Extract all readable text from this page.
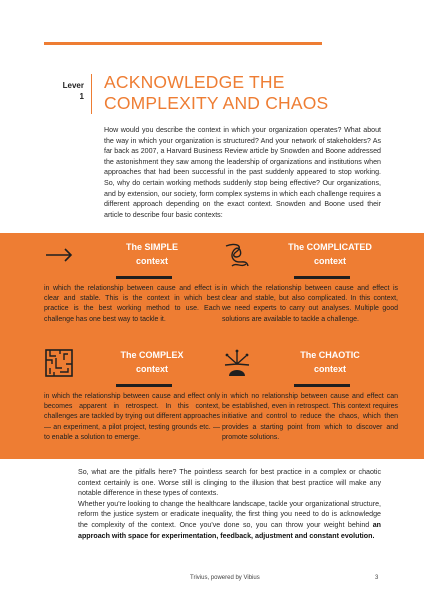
Lever
1
ACKNOWLEDGE THE
COMPLEXITY AND CHAOS
How would you describe the context in which your organization operates? What about the way in which your organization is structured? And your network of stakeholders? As far back as 2007, a Harvard Business Review article by Snowden and Boone addressed the astonishment they saw among the leadership of organizations and institutions when approaches that had been successful in the past suddenly appeared to stop working. So, why do certain working methods suddenly stop being effective? Our organizations, and by extension, our society, form complex systems in which each challenge requires a different approach depending on the exact context. Snowden and Boone used their article to describe four basic contexts:
The SIMPLE
context
in which the relationship between cause and effect is clear and stable. This is the context in which best practice is the best working method to use. Each challenge has one best way to tackle it.
The COMPLICATED
context
in which the relationship between cause and effect is clear and stable, but also complicated. In this context, we need experts to carry out analyses. Multiple good solutions are available to tackle a challenge.
The COMPLEX
context
in which the relationship between cause and effect only becomes apparent in retrospect. In this context, challenges are tackled by trying out different approaches — an experiment, a pilot project, testing grounds etc. — to enable a solution to emerge.
The CHAOTIC
context
in which no relationship between cause and effect can be established, even in retrospect. This context requires initiative and control to reduce the chaos, which then provides a starting point from which to discover and promote solutions.

So, what are the pitfalls here? The pointless search for best practice in a complex or chaotic context certainly is one. Worse still is clinging to the illusion that best practice will make any notable difference in these types of contexts.

Whether you're looking to change the healthcare landscape, tackle your organizational structure, reform the justice system or eradicate inequality, the first thing you need to do is acknowledge the complexity of the context. Once you've done so, you can throw your weight behind an approach with space for experimentation, feedback, adjustment and constant evolution.

Trivius, powered by Vibius	3
